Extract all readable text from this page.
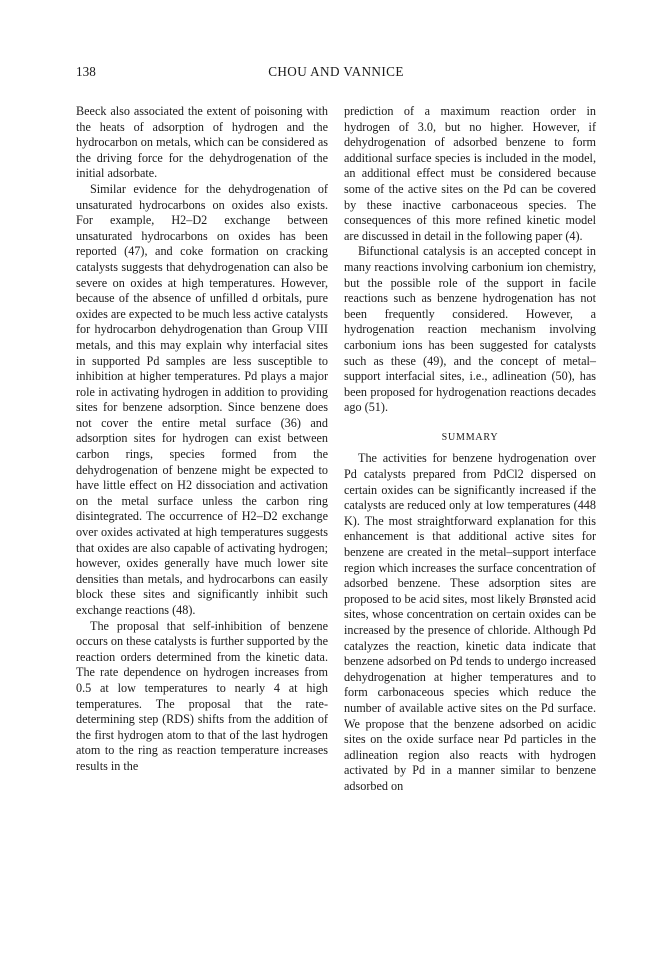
138	CHOU AND VANNICE

Beeck also associated the extent of poisoning with the heats of adsorption of hydrogen and the hydrocarbon on metals, which can be considered as the driving force for the dehydrogenation of the initial adsorbate.

Similar evidence for the dehydrogenation of unsaturated hydrocarbons on oxides also exists. For example, H2–D2 exchange between unsaturated hydrocarbons on oxides has been reported (47), and coke formation on cracking catalysts suggests that dehydrogenation can also be severe on oxides at high temperatures. However, because of the absence of unfilled d orbitals, pure oxides are expected to be much less active catalysts for hydrocarbon dehydrogenation than Group VIII metals, and this may explain why interfacial sites in supported Pd samples are less susceptible to inhibition at higher temperatures. Pd plays a major role in activating hydrogen in addition to providing sites for benzene adsorption. Since benzene does not cover the entire metal surface (36) and adsorption sites for hydrogen can exist between carbon rings, species formed from the dehydrogenation of benzene might be expected to have little effect on H2 dissociation and activation on the metal surface unless the carbon ring disintegrated. The occurrence of H2–D2 exchange over oxides activated at high temperatures suggests that oxides are also capable of activating hydrogen; however, oxides generally have much lower site densities than metals, and hydrocarbons can easily block these sites and significantly inhibit such exchange reactions (48).

The proposal that self-inhibition of benzene occurs on these catalysts is further supported by the reaction orders determined from the kinetic data. The rate dependence on hydrogen increases from 0.5 at low temperatures to nearly 4 at high temperatures. The proposal that the rate-determining step (RDS) shifts from the addition of the first hydrogen atom to that of the last hydrogen atom to the ring as reaction temperature increases results in the

prediction of a maximum reaction order in hydrogen of 3.0, but no higher. However, if dehydrogenation of adsorbed benzene to form additional surface species is included in the model, an additional effect must be considered because some of the active sites on the Pd can be covered by these inactive carbonaceous species. The consequences of this more refined kinetic model are discussed in detail in the following paper (4).

Bifunctional catalysis is an accepted concept in many reactions involving carbonium ion chemistry, but the possible role of the support in facile reactions such as benzene hydrogenation has not been frequently considered. However, a hydrogenation reaction mechanism involving carbonium ions has been suggested for catalysts such as these (49), and the concept of metal–support interfacial sites, i.e., adlineation (50), has been proposed for hydrogenation reactions decades ago (51).

SUMMARY

The activities for benzene hydrogenation over Pd catalysts prepared from PdCl2 dispersed on certain oxides can be significantly increased if the catalysts are reduced only at low temperatures (448 K). The most straightforward explanation for this enhancement is that additional active sites for benzene are created in the metal–support interface region which increases the surface concentration of adsorbed benzene. These adsorption sites are proposed to be acid sites, most likely Brønsted acid sites, whose concentration on certain oxides can be increased by the presence of chloride. Although Pd catalyzes the reaction, kinetic data indicate that benzene adsorbed on Pd tends to undergo increased dehydrogenation at higher temperatures and to form carbonaceous species which reduce the number of available active sites on the Pd surface. We propose that the benzene adsorbed on acidic sites on the oxide surface near Pd particles in the adlineation region also reacts with hydrogen activated by Pd in a manner similar to benzene adsorbed on
